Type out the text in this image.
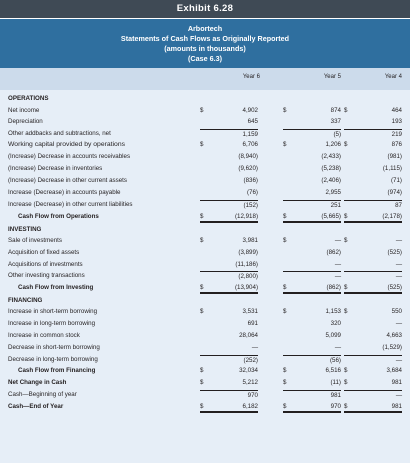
Exhibit 6.28
Arbortech
Statements of Cash Flows as Originally Reported
(amounts in thousands)
(Case 6.3)
Year 6	Year 5	Year 4
OPERATIONS
Net income	$	4,902	$	874 $	464
Depreciation	645	337	193
Other addbacks and subtractions, net	1,159	(5)	219
Working capital provided by operations	$	6,706	$	1,206 $	876
(Increase) Decrease in accounts receivables	(8,940)	(2,433)	(981)
(Increase) Decrease in inventories	(9,620)	(5,238)	(1,115)
(Increase) Decrease in other current assets	(836)	(2,406)	(71)
Increase (Decrease) in accounts payable	(76)	2,955	(974)
Increase (Decrease) in other current liabilities	(152)	251	87
Cash Flow from Operations	$	(12,918)	$	(5,665) $	(2,178)
INVESTING
Sale of investments	$	3,981	$	— $	—
Acquisition of fixed assets	(3,899)	(862)	(525)
Acquisitions of investments	(11,186)	—	—
Other investing transactions	(2,800)	—	—
Cash Flow from Investing	$	(13,904)	$	(862) $	(525)
FINANCING
Increase in short-term borrowing	$	3,531	$	1,153 $	550
Increase in long-term borrowing	691	320	—
Increase in common stock	28,064	5,099	4,663
Decrease in short-term borrowing	—	—	(1,529)
Decrease in long-term borrowing	(252)	(56)	—
Cash Flow from Financing	$	32,034	$	6,516 $	3,684
Net Change in Cash	$	5,212	$	(11) $	981
Cash—Beginning of year	970	981	—
Cash—End of Year	$	6,182	$	970 $	981
